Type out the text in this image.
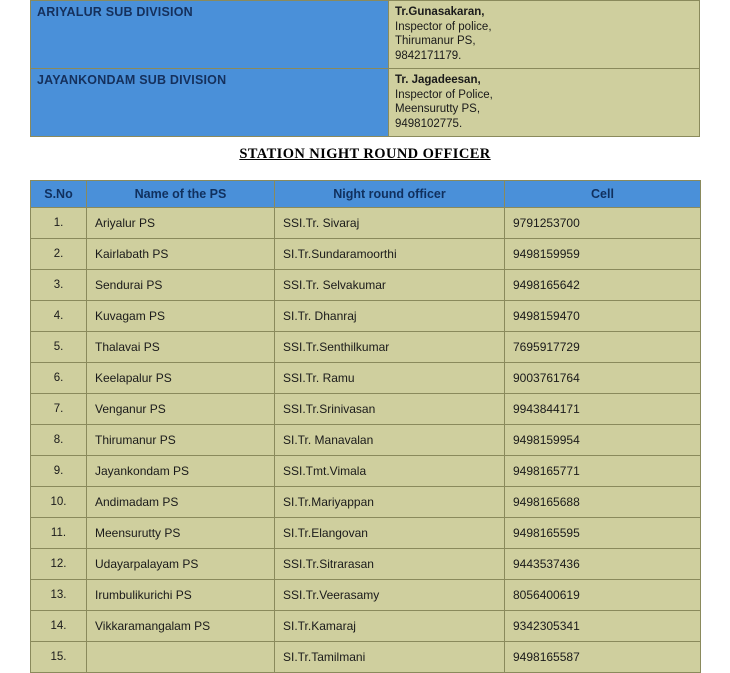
ARIYALUR SUB DIVISION	Tr.Gunasakaran,
Inspector of police,
Thirumanur PS,
9842171179.

JAYANKONDAM SUB DIVISION	Tr. Jagadeesan,
Inspector of Police,
Meensurutty PS,
9498102775.
STATION NIGHT ROUND OFFICER
S.No	Name of the PS	Night round officer	Cell
1.	Ariyalur PS	SSI.Tr. Sivaraj	9791253700
2.	Kairlabath PS	SI.Tr.Sundaramoorthi	9498159959
3.	Sendurai PS	SSI.Tr. Selvakumar	9498165642
4.	Kuvagam PS	SI.Tr. Dhanraj	9498159470
5.	Thalavai PS	SSI.Tr.Senthilkumar	7695917729
6.	Keelapalur PS	SSI.Tr. Ramu	9003761764
7.	Venganur PS	SSI.Tr.Srinivasan	9943844171
8.	Thirumanur PS	SI.Tr. Manavalan	9498159954
9.	Jayankondam PS	SSI.Tmt.Vimala	9498165771
10.	Andimadam PS	SI.Tr.Mariyappan	9498165688
11.	Meensurutty PS	SI.Tr.Elangovan	9498165595
12.	Udayarpalayam PS	SSI.Tr.Sitrarasan	9443537436
13.	Irumbulikurichi PS	SSI.Tr.Veerasamy	8056400619
14.	Vikkaramangalam PS	SI.Tr.Kamaraj	9342305341
15.		SI.Tr.Tamilmani	9498165587
